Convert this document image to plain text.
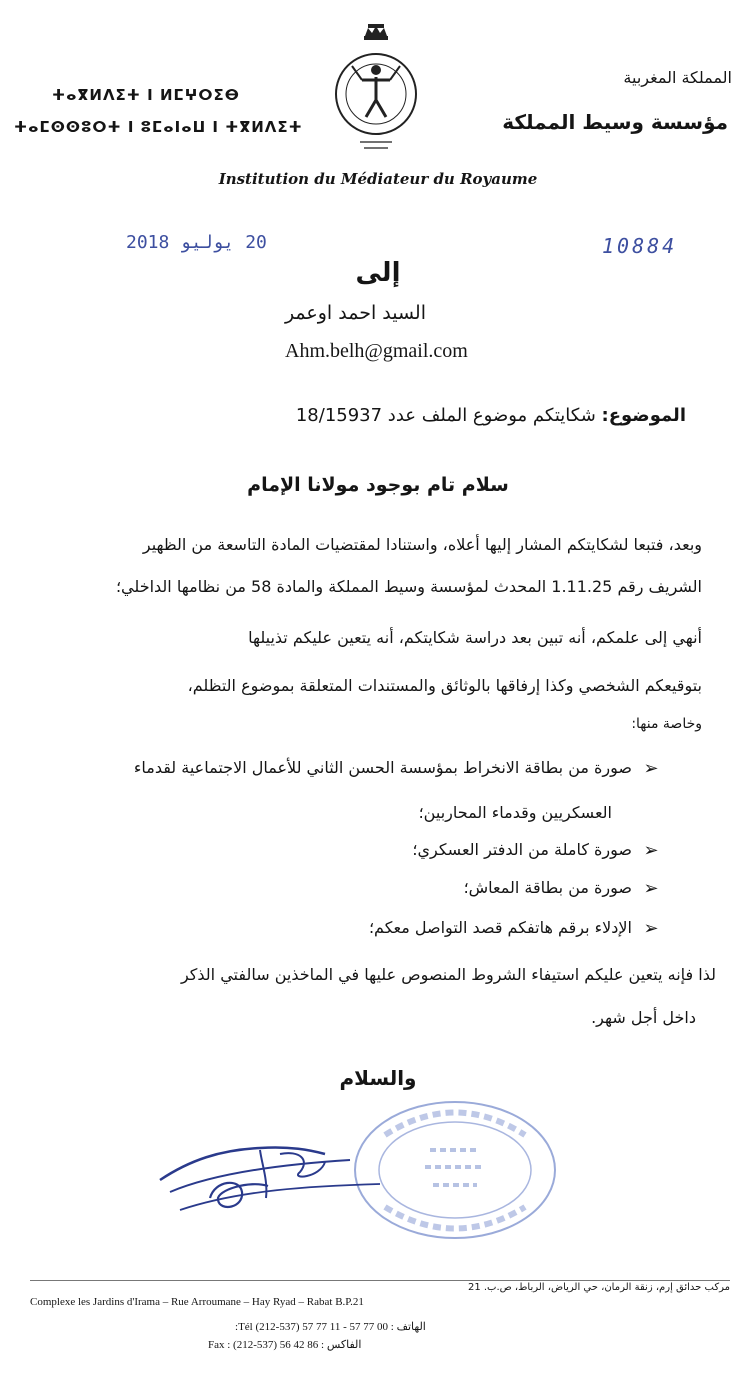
ⵜⴰⴳⵍⴷⵉⵜ ⵏ ⵍⵎⵖⵔⵉⴱ
ⵜⴰⵎⵙⵙⵓⵔⵜ ⵏ ⵓⵎⴰⵏⴰⵡ ⵏ ⵜⴳⵍⴷⵉⵜ
المملكة المغربية
مؤسسة وسيط المملكة
Institution du Médiateur du Royaume
20 يوليو 2018	10884
إلى
السيد احمد اوعمر
Ahm.belh@gmail.com
الموضوع: شكايتكم موضوع الملف عدد 18/15937
سلام تام بوجود مولانا الإمام
وبعد، فتبعا لشكايتكم المشار إليها أعلاه، واستنادا لمقتضيات المادة التاسعة من الظهير
الشريف رقم 1.11.25 المحدث لمؤسسة وسيط المملكة والمادة 58 من نظامها الداخلي؛
أنهي إلى علمكم، أنه تبين بعد دراسة شكايتكم، أنه يتعين عليكم تذييلها
بتوقيعكم الشخصي وكذا إرفاقها بالوثائق والمستندات المتعلقة بموضوع التظلم،
وخاصة منها:
➢
صورة من بطاقة الانخراط بمؤسسة الحسن الثاني للأعمال الاجتماعية لقدماء
العسكريين وقدماء المحاربين؛
➢
صورة كاملة من الدفتر العسكري؛
➢
صورة من بطاقة المعاش؛
➢
الإدلاء برقم هاتفكم قصد التواصل معكم؛
لذا فإنه يتعين عليكم استيفاء الشروط المنصوص عليها في الماخذين سالفتي الذكر
داخل أجل شهر.
والسلام
Complexe les Jardins d'Irama – Rue Arroumane – Hay Ryad – Rabat B.P.21
مركب حدائق إرم، زنقة الرمان، حي الرياض، الرباط، ص.ب. 21
الهاتف : 00 77 57 - 11 77 57 (537-212) Tél:
Fax : (212-537) 56 42 86 : الفاكس
